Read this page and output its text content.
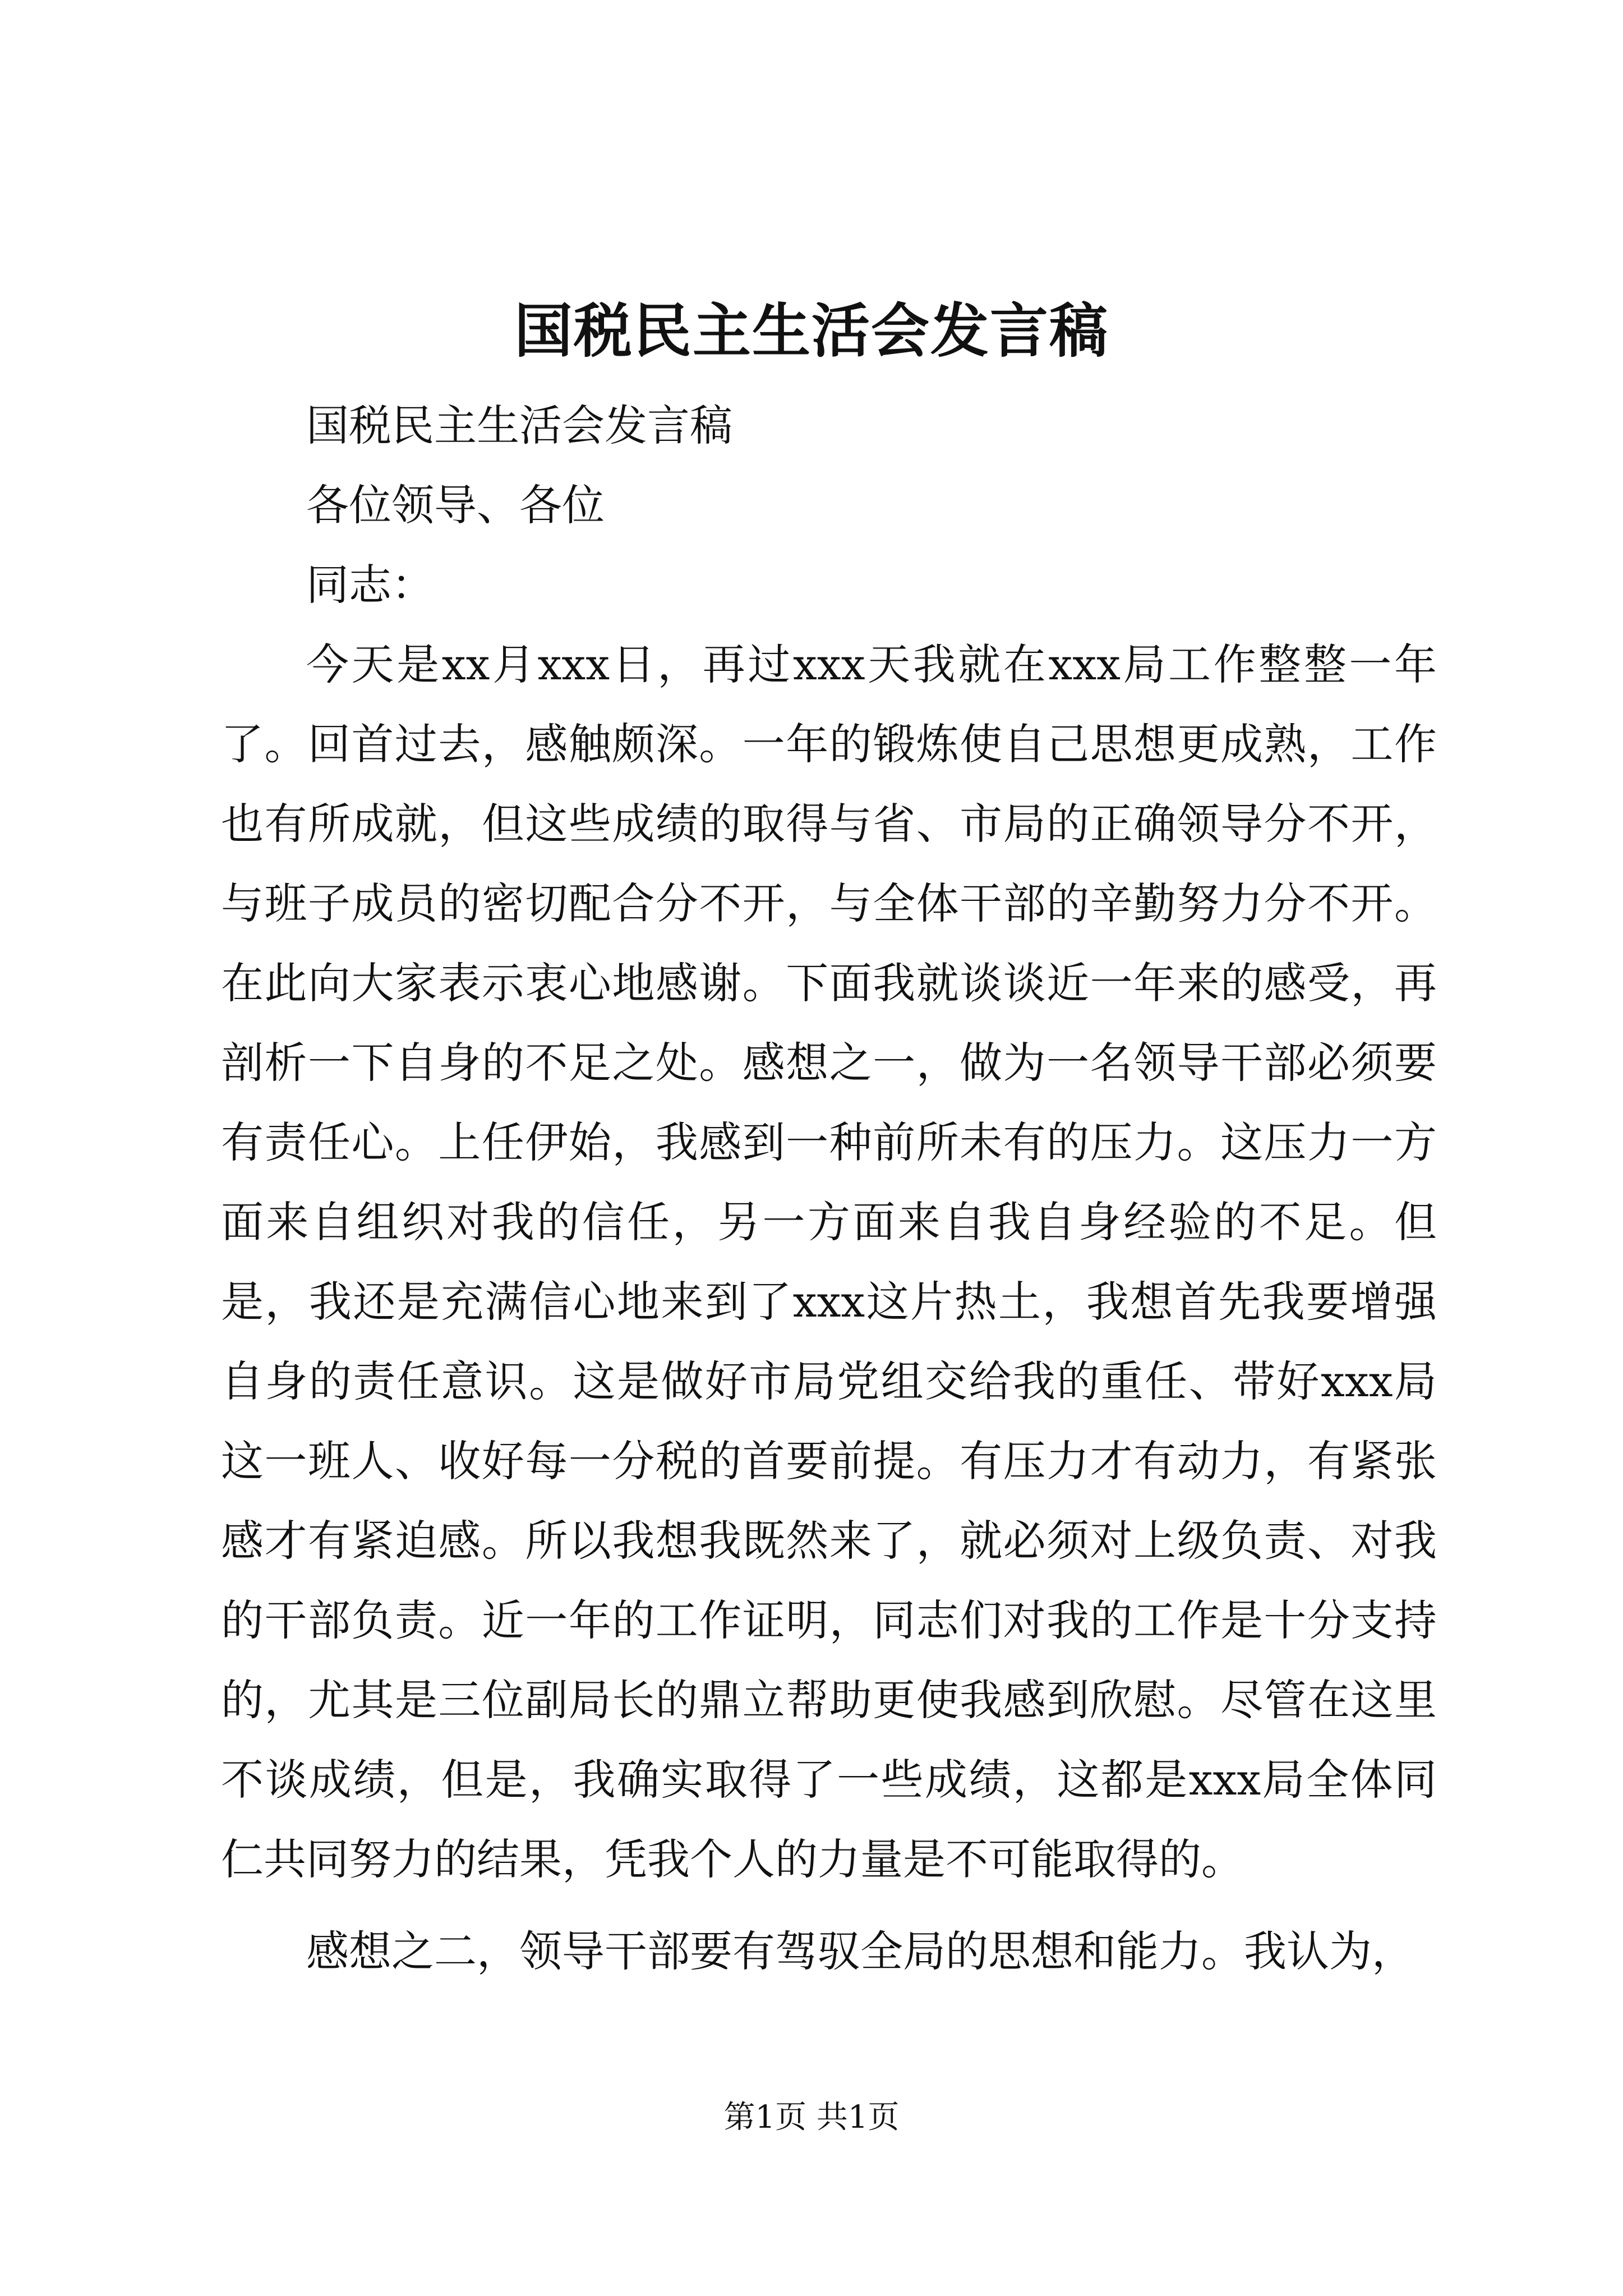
国税民主生活会发言稿

国税民主生活会发言稿

各位领导、各位

同志：

今天是xx月xxx日，再过xxx天我就在xxx局工作整整一年了。回首过去，感触颇深。一年的锻炼使自己思想更成熟，工作也有所成就，但这些成绩的取得与省、市局的正确领导分不开，与班子成员的密切配合分不开，与全体干部的辛勤努力分不开。在此向大家表示衷心地感谢。下面我就谈谈近一年来的感受，再剖析一下自身的不足之处。感想之一，做为一名领导干部必须要有责任心。上任伊始，我感到一种前所未有的压力。这压力一方面来自组织对我的信任，另一方面来自我自身经验的不足。但是，我还是充满信心地来到了xxx这片热土，我想首先我要增强自身的责任意识。这是做好市局党组交给我的重任、带好xxx局这一班人、收好每一分税的首要前提。有压力才有动力，有紧张感才有紧迫感。所以我想我既然来了，就必须对上级负责、对我的干部负责。近一年的工作证明，同志们对我的工作是十分支持的，尤其是三位副局长的鼎立帮助更使我感到欣慰。尽管在这里不谈成绩，但是，我确实取得了一些成绩，这都是xxx局全体同仁共同努力的结果，凭我个人的力量是不可能取得的。

感想之二，领导干部要有驾驭全局的思想和能力。我认为，

第1页 共1页
